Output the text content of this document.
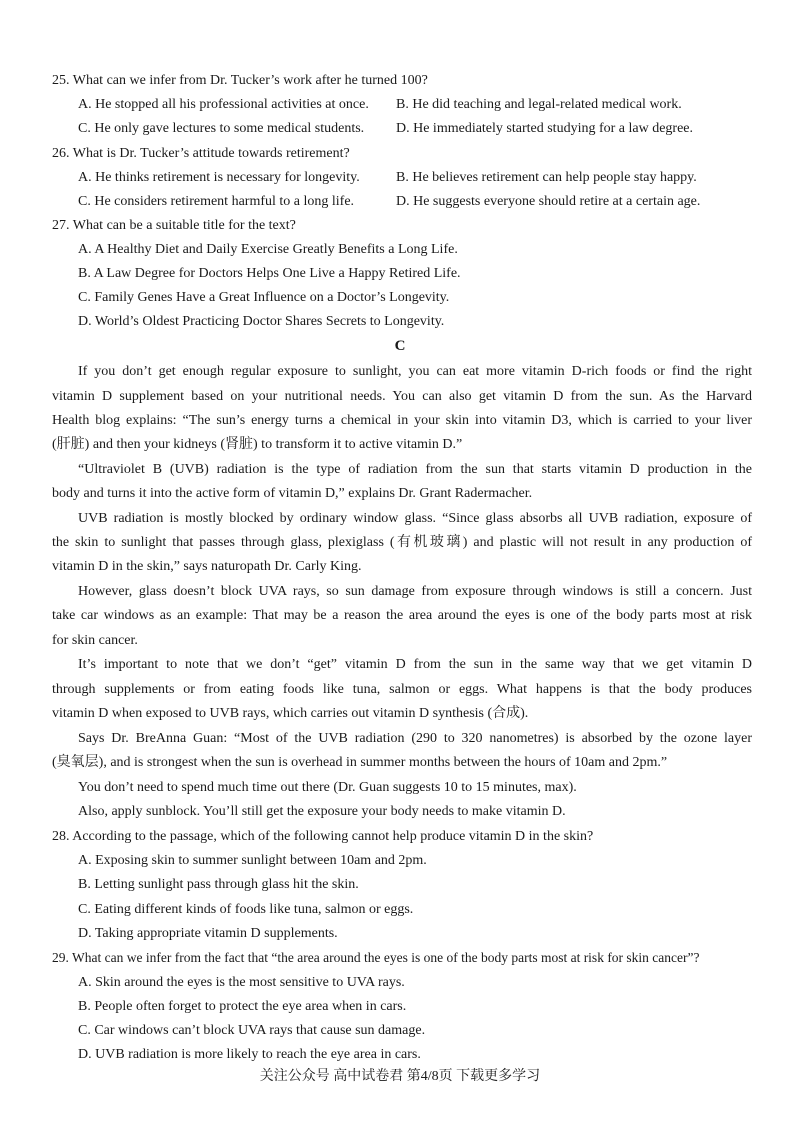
25. What can we infer from Dr. Tucker’s work after he turned 100?
A. He stopped all his professional activities at once. B. He did teaching and legal-related medical work.
C. He only gave lectures to some medical students. D. He immediately started studying for a law degree.
26. What is Dr. Tucker’s attitude towards retirement?
A. He thinks retirement is necessary for longevity.	B. He believes retirement can help people stay happy.
C. He considers retirement harmful to a long life.	D. He suggests everyone should retire at a certain age.
27. What can be a suitable title for the text?
A. A Healthy Diet and Daily Exercise Greatly Benefits a Long Life.
B. A Law Degree for Doctors Helps One Live a Happy Retired Life.
C. Family Genes Have a Great Influence on a Doctor’s Longevity.
D. World’s Oldest Practicing Doctor Shares Secrets to Longevity.
C
If you don’t get enough regular exposure to sunlight, you can eat more vitamin D-rich foods or find the right
vitamin D supplement based on your nutritional needs. You can also get vitamin D from the sun. As the Harvard
Health blog explains: “The sun’s energy turns a chemical in your skin into vitamin D3, which is carried to your liver
(肝脏) and then your kidneys (肾脏) to transform it to active vitamin D.”
“Ultraviolet B (UVB) radiation is the type of radiation from the sun that starts vitamin D production in the
body and turns it into the active form of vitamin D,” explains Dr. Grant Radermacher.
UVB radiation is mostly blocked by ordinary window glass. “Since glass absorbs all UVB radiation, exposure of
the skin to sunlight that passes through glass, plexiglass (有机玻璃) and plastic will not result in any production of
vitamin D in the skin,” says naturopath Dr. Carly King.
However, glass doesn’t block UVA rays, so sun damage from exposure through windows is still a concern. Just
take car windows as an example: That may be a reason the area around the eyes is one of the body parts most at risk
for skin cancer.
It’s important to note that we don’t “get” vitamin D from the sun in the same way that we get vitamin D
through supplements or from eating foods like tuna, salmon or eggs. What happens is that the body produces
vitamin D when exposed to UVB rays, which carries out vitamin D synthesis (合成).
Says Dr. BreAnna Guan: “Most of the UVB radiation (290 to 320 nanometres) is absorbed by the ozone layer
(臭氧层), and is strongest when the sun is overhead in summer months between the hours of 10am and 2pm.”
You don’t need to spend much time out there (Dr. Guan suggests 10 to 15 minutes, max).
Also, apply sunblock. You’ll still get the exposure your body needs to make vitamin D.
28. According to the passage, which of the following cannot help produce vitamin D in the skin?
A. Exposing skin to summer sunlight between 10am and 2pm.
B. Letting sunlight pass through glass hit the skin.
C. Eating different kinds of foods like tuna, salmon or eggs.
D. Taking appropriate vitamin D supplements.
29. What can we infer from the fact that “the area around the eyes is one of the body parts most at risk for skin cancer”?
A. Skin around the eyes is the most sensitive to UVA rays.
B. People often forget to protect the eye area when in cars.
C. Car windows can’t block UVA rays that cause sun damage.
D. UVB radiation is more likely to reach the eye area in cars.
关注公众号 高中试卷君 第4/8页 下载更多学习
